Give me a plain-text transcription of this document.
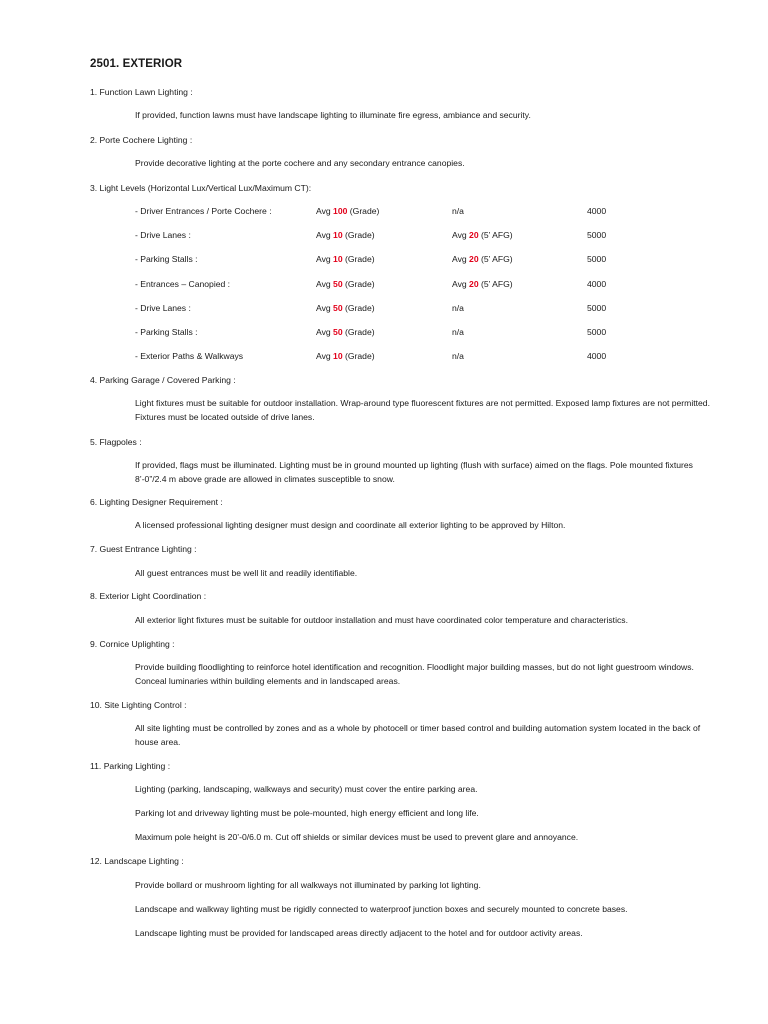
2501. EXTERIOR
1. Function Lawn Lighting :
If provided, function lawns must have landscape lighting to illuminate fire egress, ambiance and security.
2. Porte Cochere Lighting :
Provide decorative lighting at the porte cochere and any secondary entrance canopies.
3. Light Levels (Horizontal Lux/Vertical Lux/Maximum CT):
- Driver Entrances / Porte Cochere :	Avg 100 (Grade)	n/a	4000
- Drive Lanes :	Avg 10 (Grade)	Avg 20 (5’ AFG)	5000
- Parking Stalls :	Avg 10 (Grade)	Avg 20 (5’ AFG)	5000
- Entrances – Canopied :	Avg 50 (Grade)	Avg 20 (5’ AFG)	4000
- Drive Lanes :	Avg 50 (Grade)	n/a	5000
- Parking Stalls :	Avg 50 (Grade)	n/a	5000
- Exterior Paths & Walkways	Avg 10 (Grade)	n/a	4000
4. Parking Garage / Covered Parking :
Light fixtures must be suitable for outdoor installation. Wrap-around type fluorescent fixtures are not permitted. Exposed lamp fixtures are not permitted. Fixtures must be located outside of drive lanes.
5. Flagpoles :
If provided, flags must be illuminated. Lighting must be in ground mounted up lighting (flush with surface) aimed on the flags. Pole mounted fixtures 8’-0”/2.4 m above grade are allowed in climates susceptible to snow.
6. Lighting Designer Requirement :
A licensed professional lighting designer must design and coordinate all exterior lighting to be approved by Hilton.
7. Guest Entrance Lighting :
All guest entrances must be well lit and readily identifiable.
8. Exterior Light Coordination :
All exterior light fixtures must be suitable for outdoor installation and must have coordinated color temperature and characteristics.
9. Cornice Uplighting :
Provide building floodlighting to reinforce hotel identification and recognition. Floodlight major building masses, but do not light guestroom windows. Conceal luminaries within building elements and in landscaped areas.
10. Site Lighting Control :
All site lighting must be controlled by zones and as a whole by photocell or timer based control and building automation system located in the back of house area.
11. Parking Lighting :
Lighting (parking, landscaping, walkways and security) must cover the entire parking area.
Parking lot and driveway lighting must be pole-mounted, high energy efficient and long life.
Maximum pole height is 20’-0/6.0 m. Cut off shields or similar devices must be used to prevent glare and annoyance.
12. Landscape Lighting :
Provide bollard or mushroom lighting for all walkways not illuminated by parking lot lighting.
Landscape and walkway lighting must be rigidly connected to waterproof junction boxes and securely mounted to concrete bases.
Landscape lighting must be provided for landscaped areas directly adjacent to the hotel and for outdoor activity areas.
